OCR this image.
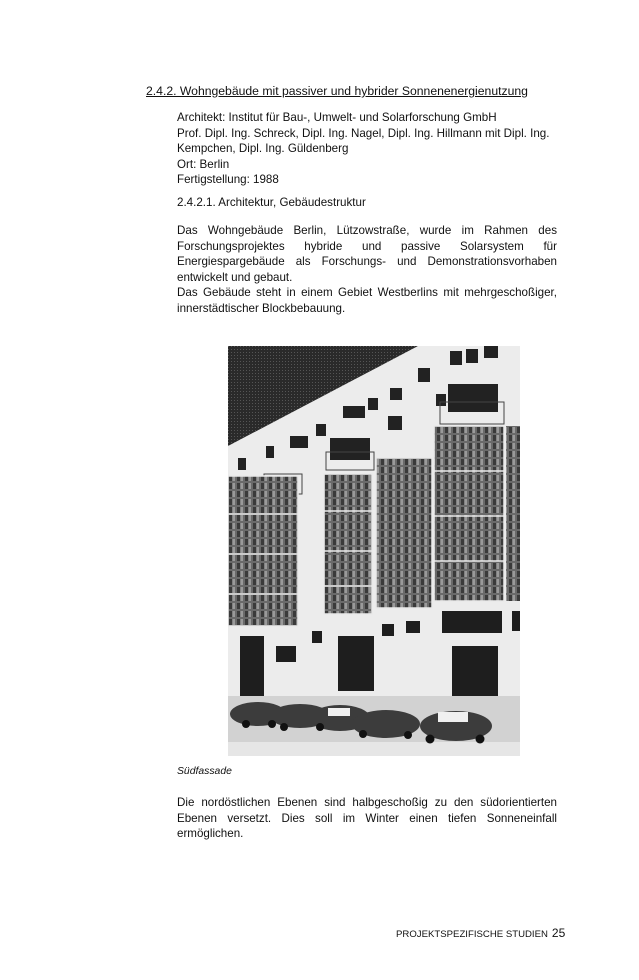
2.4.2. Wohngebäude mit passiver und hybrider Sonnenenergienutzung
Architekt: Institut für Bau-, Umwelt- und Solarforschung GmbH
Prof. Dipl. Ing. Schreck, Dipl. Ing. Nagel, Dipl. Ing. Hillmann mit Dipl. Ing.
Kempchen, Dipl. Ing. Güldenberg
Ort: Berlin
Fertigstellung: 1988
2.4.2.1. Architektur, Gebäudestruktur

Das Wohngebäude Berlin, Lützowstraße, wurde im Rahmen des Forschungsprojektes hybride und passive Solarsystem für Energiespargebäude als Forschungs- und Demonstrationsvorhaben entwickelt und gebaut.

Das Gebäude steht in einem Gebiet Westberlins mit mehrgeschoßiger, innerstädtischer Blockbebauung.

Südfassade

Die nordöstlichen Ebenen sind halbgeschoßig zu den südorientierten Ebenen versetzt. Dies soll im Winter einen tiefen Sonneneinfall ermöglichen.

PROJEKTSPEZIFISCHE STUDIEN 25
